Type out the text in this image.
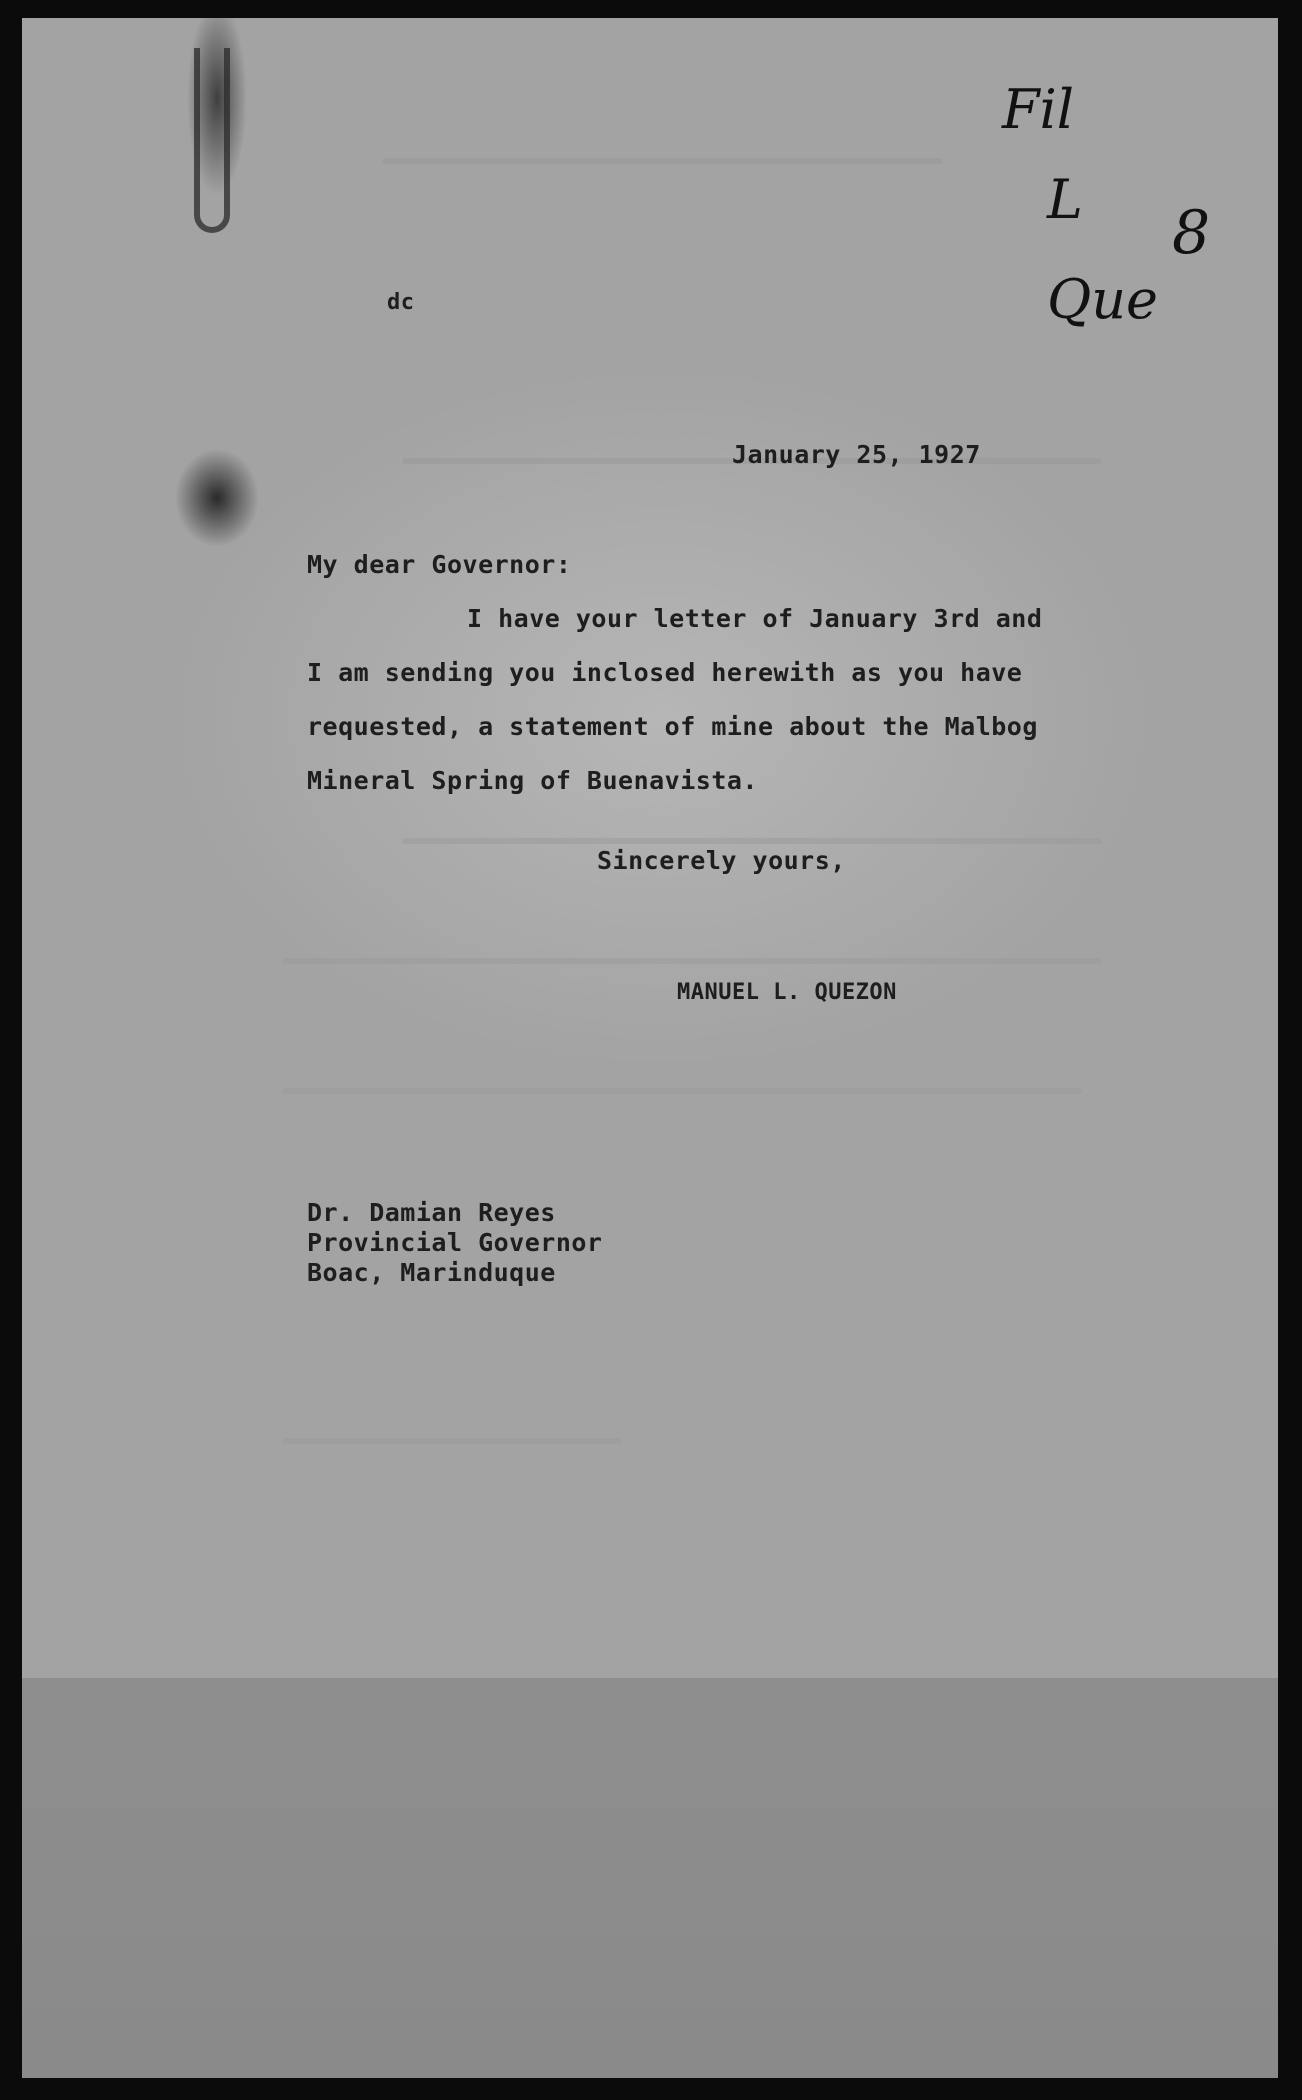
dc
January 25, 1927
My dear Governor:
I have your letter of January 3rd and
I am sending you inclosed herewith as you have
requested, a statement of mine about the Malbog
Mineral Spring of Buenavista.
Sincerely yours,
MANUEL L. QUEZON
Dr. Damian Reyes
Provincial Governor
Boac, Marinduque
Fil
L 8
Que
